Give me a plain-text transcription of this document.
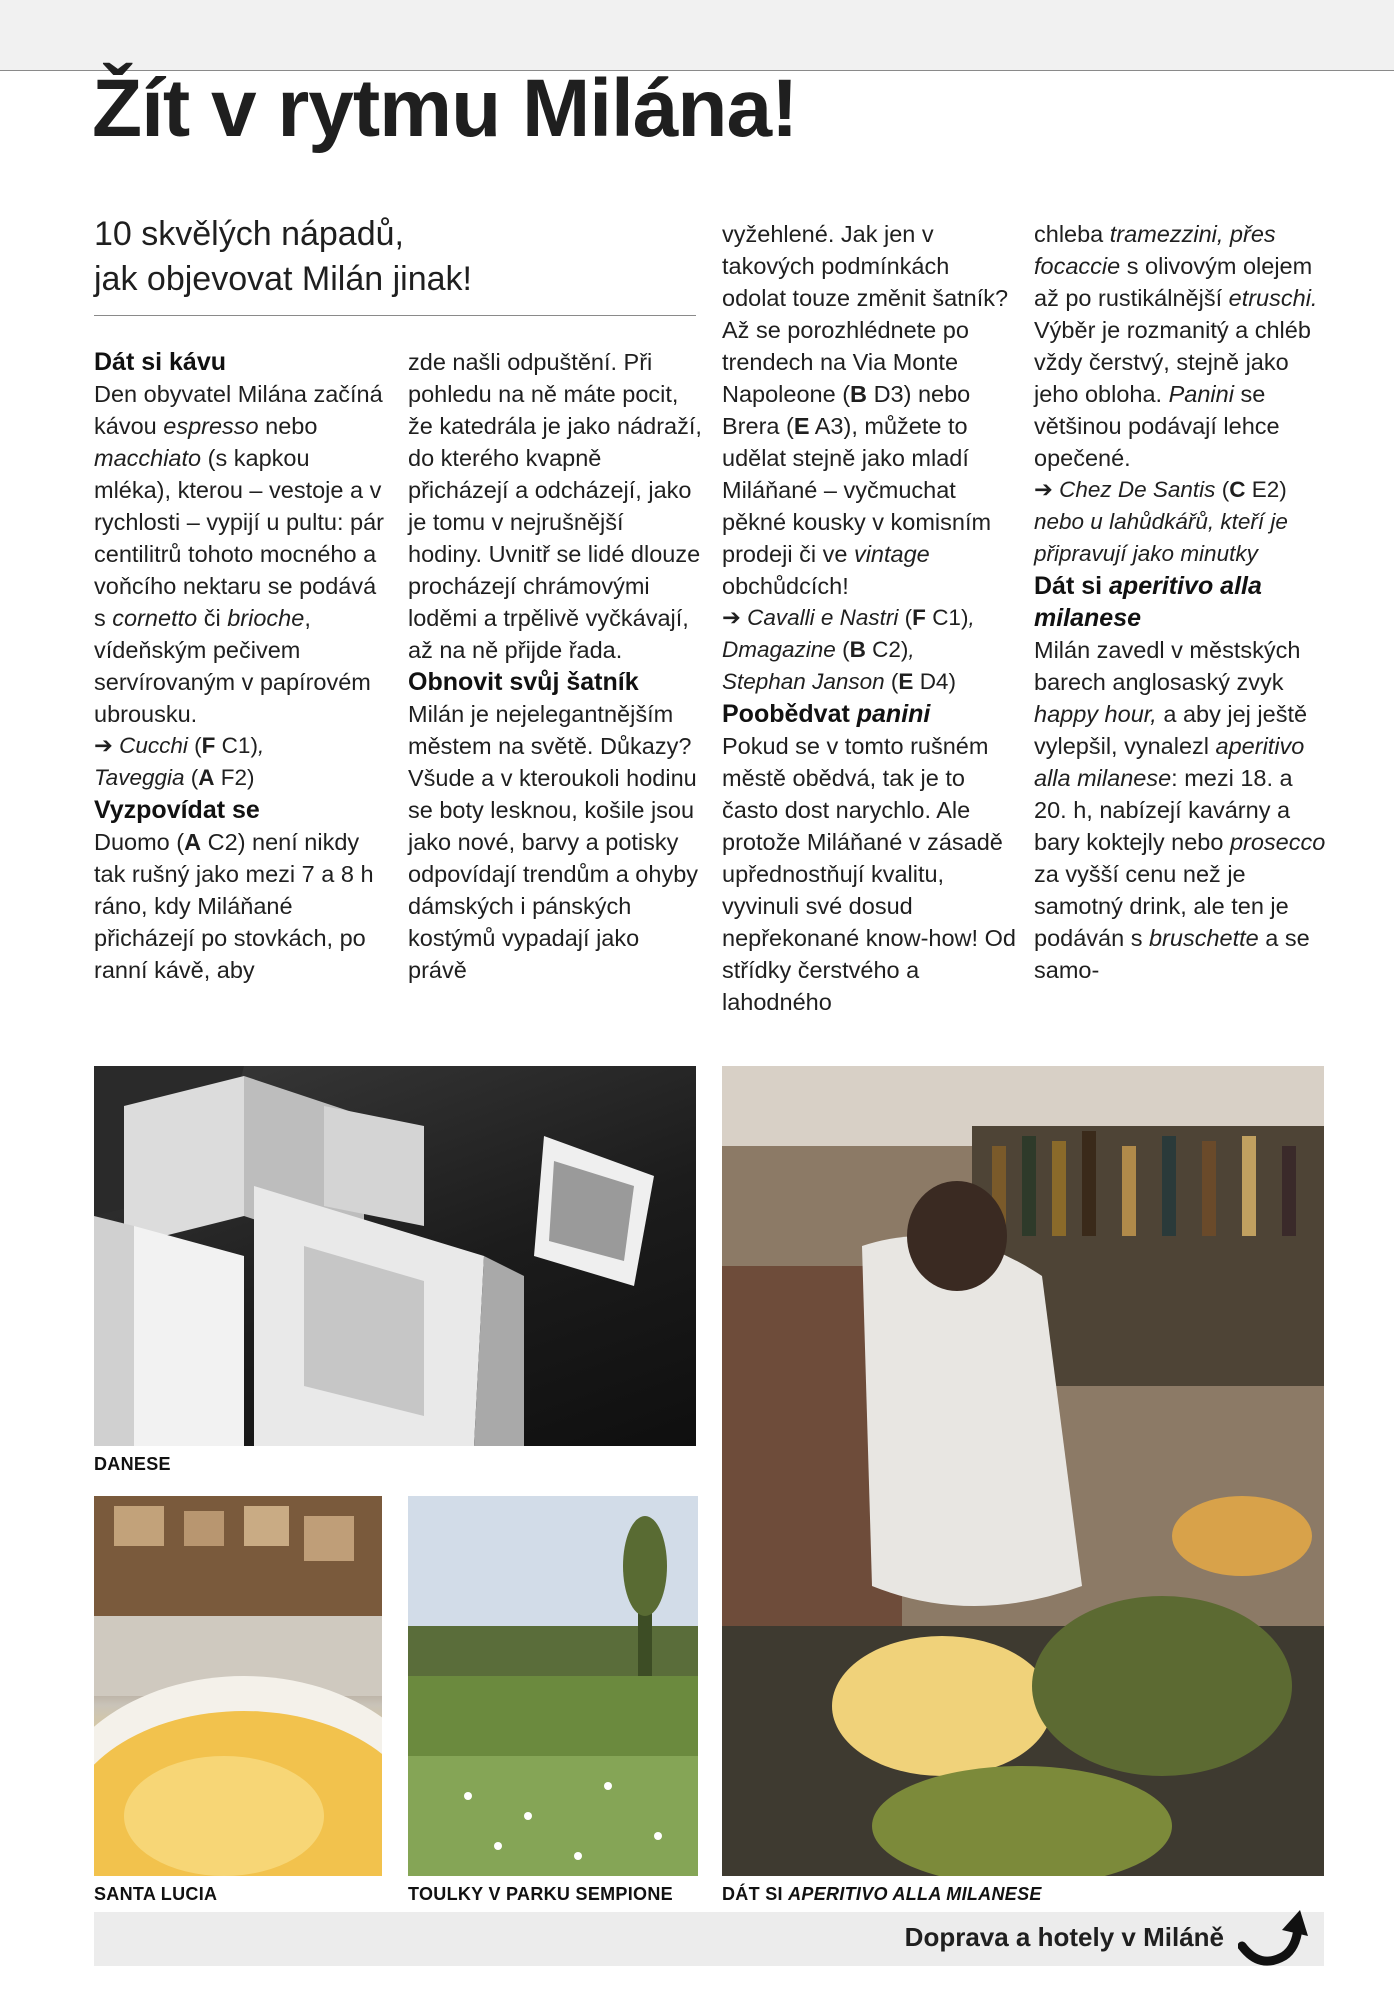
Žít v rytmu Milána!
10 skvělých nápadů,
jak objevovat Milán jinak!
Dát si kávu

Den obyvatel Milána začíná kávou espresso nebo macchiato (s kapkou mléka), kterou – vestoje a v rychlosti – vypijí u pultu: pár centilitrů tohoto mocného a voňcího nektaru se podává s cornetto či brioche, vídeňským pečivem servírovaným v papírovém ubrousku.

➔ Cucchi (F C1),
Taveggia (A F2)

Vyzpovídat se

Duomo (A C2) není nikdy tak rušný jako mezi 7 a 8 h ráno, kdy Miláňané přicházejí po stovkách, po ranní kávě, aby

zde našli odpuštění. Při pohledu na ně máte pocit, že katedrála je jako nádraží, do kterého kvapně přicházejí a odcházejí, jako je tomu v nejrušnější hodiny. Uvnitř se lidé dlouze procházejí chrámovými loděmi a trpělivě vyčkávají, až na ně přijde řada.

Obnovit svůj šatník

Milán je nejelegantnějším městem na světě. Důkazy? Všude a v kteroukoli hodinu se boty lesknou, košile jsou jako nové, barvy a potisky odpovídají trendům a ohyby dámských i pánských kostýmů vypadají jako právě

vyžehlené. Jak jen v takových podmínkách odolat touze změnit šatník? Až se porozhlédnete po trendech na Via Monte Napoleone (B D3) nebo Brera (E A3), můžete to udělat stejně jako mladí Miláňané – vyčmuchat pěkné kousky v komisním prodeji či ve vintage obchůdcích!

➔ Cavalli e Nastri (F C1),
Dmagazine (B C2),
Stephan Janson (E D4)

Poobědvat panini

Pokud se v tomto rušném městě obědvá, tak je to často dost narychlo. Ale protože Miláňané v zásadě upřednostňují kvalitu, vyvinuli své dosud nepřekonané know-how! Od střídky čerstvého a lahodného

chleba tramezzini, přes focaccie s olivovým olejem až po rustikálnější etruschi. Výběr je rozmanitý a chléb vždy čerstvý, stejně jako jeho obloha. Panini se většinou podávají lehce opečené.

➔ Chez De Santis (C E2)
nebo u lahůdkářů, kteří je připravují jako minutky

Dát si aperitivo alla milanese

Milán zavedl v městských barech anglosaský zvyk happy hour, a aby jej ještě vylepšil, vynalezl aperitivo alla milanese: mezi 18. a 20. h, nabízejí kavárny a bary koktejly nebo prosecco za vyšší cenu než je samotný drink, ale ten je podáván s bruschette a se samo-

DANESE
SANTA LUCIA	TOULKY V PARKU SEMPIONE	DÁT SI APERITIVO ALLA MILANESE
Doprava a hotely v Miláně
